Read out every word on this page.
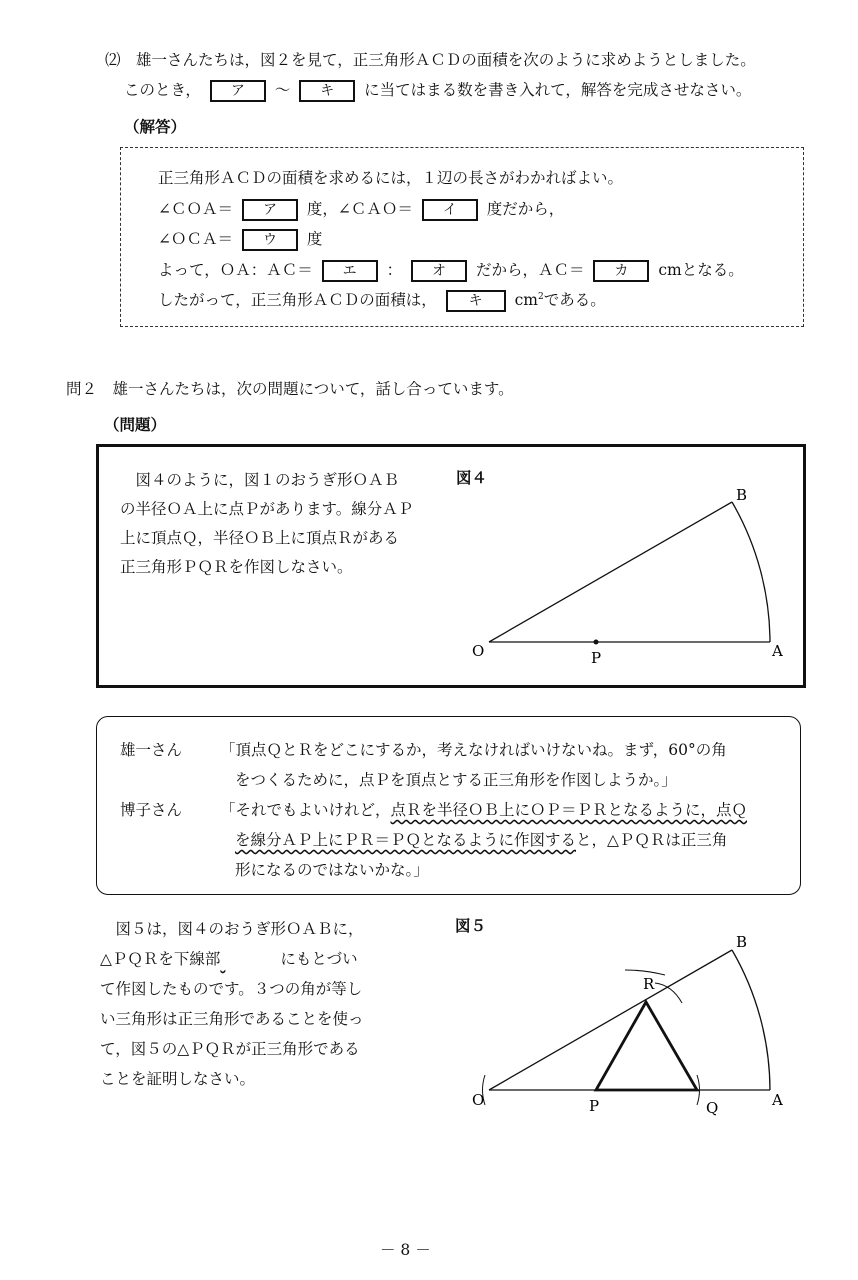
⑵　雄一さんたちは，図２を見て，正三角形ＡＣＤの面積を次のように求めようとしました。
このとき， ア ～ キ に当てはまる数を書き入れて，解答を完成させなさい。
（解答）
正三角形ＡＣＤの面積を求めるには，１辺の長さがわかればよい。
∠ＣＯＡ＝ ア 度，∠ＣＡＯ＝ イ 度だから，
∠ＯＣＡ＝ ウ 度
よって，ＯＡ：ＡＣ＝ エ ： オ だから，ＡＣ＝ カ cmとなる。
したがって，正三角形ＡＣＤの面積は， キ $cm^2$である。
問２　雄一さんたちは，次の問題について，話し合っています。
（問題）
　図４のように，図１のおうぎ形ＯＡＢ
の半径ＯＡ上に点Ｐがあります。線分ＡＰ
上に頂点Ｑ，半径ＯＢ上に頂点Ｒがある
正三角形ＰＱＲを作図しなさい。
図４
O	P	A
B
雄一さん 「頂点ＱとＲをどこにするか，考えなければいけないね。まず，60°の角
をつくるために，点Ｐを頂点とする正三角形を作図しようか。」
博子さん 「それでもよいけれど，点Ｒを半径ＯＢ上にＯＰ＝ＰＲとなるように，点Ｑ
を線分ＡＰ上にＰＲ＝ＰＱとなるように作図すると，△ＰＱＲは正三角
形になるのではないかな。」
　図５は，図４のおうぎ形ＯＡＢに，
△ＰＱＲを下線部	にもとづい
て作図したものです。３つの角が等し
い三角形は正三角形であることを使っ
て，図５の△ＰＱＲが正三角形である
ことを証明しなさい。
図５
O	P	Q	A
B
R
－ 8 －
